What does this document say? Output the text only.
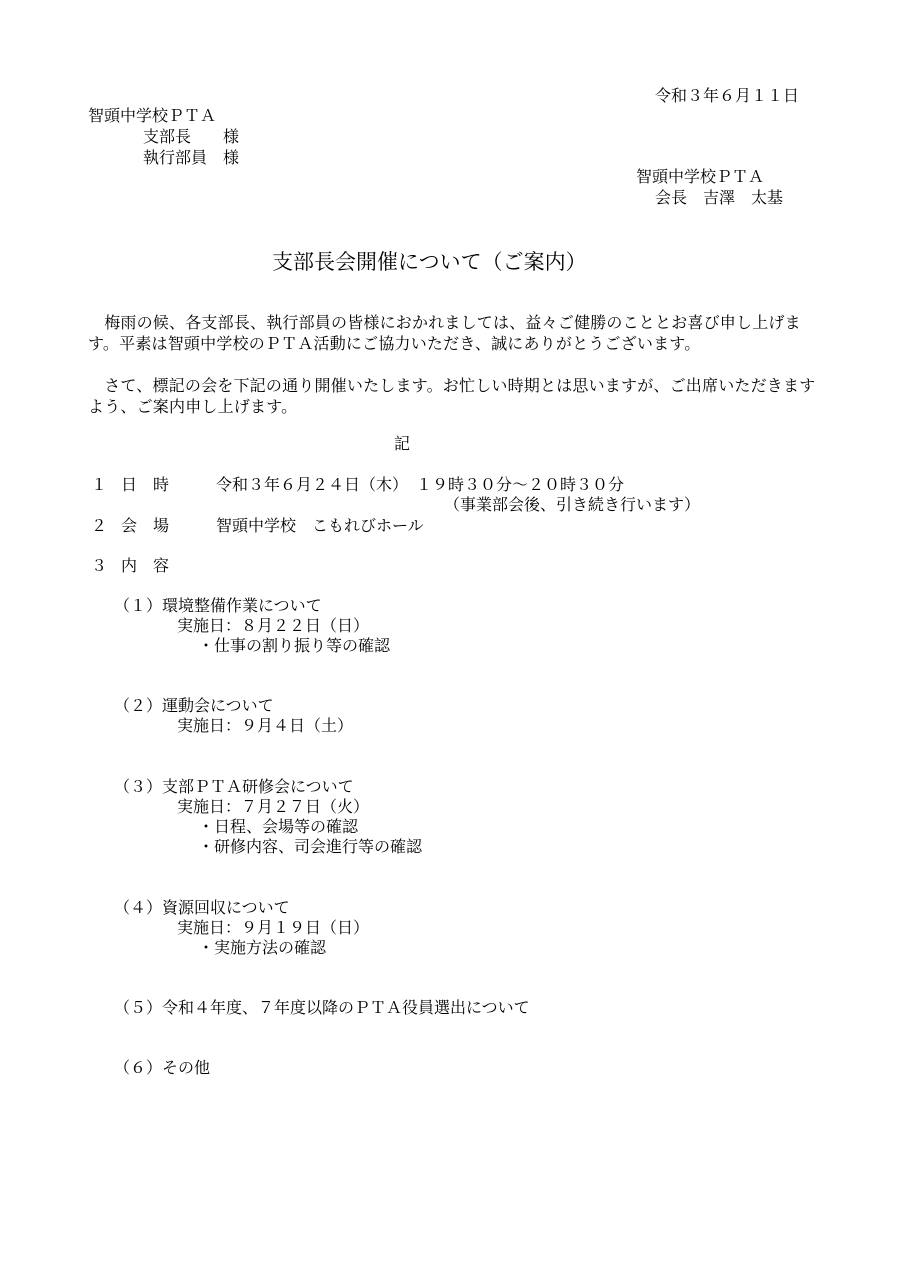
令和３年６月１１日
智頭中学校ＰＴＡ
支部長　　様
執行部員　様
智頭中学校ＰＴＡ
会長　吉澤　太基
支部長会開催について（ご案内）
　梅雨の候、各支部長、執行部員の皆様におかれましては、益々ご健勝のこととお喜び申し上げます。平素は智頭中学校のＰＴＡ活動にご協力いただき、誠にありがとうございます。
　さて、標記の会を下記の通り開催いたします。お忙しい時期とは思いますが、ご出席いただきますよう、ご案内申し上げます。
記
１ 日　時	令和３年６月２４日（木）　１９時３０分～２０時３０分
（事業部会後、引き続き行います）
２ 会　場	智頭中学校　こもれびホール
３ 内　容
（１）環境整備作業について
実施日：８月２２日（日）
・仕事の割り振り等の確認
（２）運動会について
実施日：９月４日（土）
（３）支部ＰＴＡ研修会について
実施日：７月２７日（火）
・日程、会場等の確認
・研修内容、司会進行等の確認
（４）資源回収について
実施日：９月１９日（日）
・実施方法の確認
（５）令和４年度、７年度以降のＰＴＡ役員選出について
（６）その他
